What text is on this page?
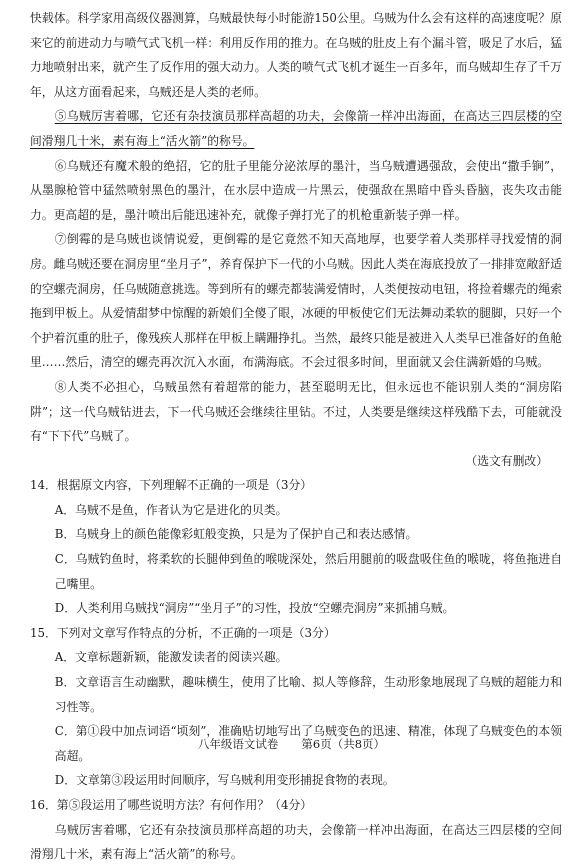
快载体。科学家用高级仪器测算，乌贼最快每小时能游150公里。乌贼为什么会有这样的高速度呢？原来它的前进动力与喷气式飞机一样：利用反作用的推力。在乌贼的肚皮上有个漏斗管，吸足了水后，猛力地喷射出来，就产生了反作用的强大动力。人类的喷气式飞机才诞生一百多年，而乌贼却生存了千万年，从这方面看起来，乌贼还是人类的老师。
⑤乌贼厉害着哪，它还有杂技演员那样高超的功夫，会像箭一样冲出海面，在高达三四层楼的空间滑翔几十米，素有海上“活火箭”的称号。
⑥乌贼还有魔术般的绝招，它的肚子里能分泌浓厚的墨汁，当乌贼遭遇强敌，会使出“撒手锏”，从墨腺枪管中猛然喷射黑色的墨汁，在水层中造成一片黑云，使强敌在黑暗中昏头昏脑，丧失攻击能力。更高超的是，墨汁喷出后能迅速补充，就像子弹打光了的机枪重新装子弹一样。
⑦倒霉的是乌贼也谈情说爱，更倒霉的是它竟然不知天高地厚，也要学着人类那样寻找爱情的洞房。雌乌贼还要在洞房里“坐月子”，养育保护下一代的小乌贼。因此人类在海底投放了一排排宽敞舒适的空螺壳洞房，任乌贼随意挑选。等到所有的螺壳都装满爱情时，人类便按动电钮，将捡着螺壳的绳索拖到甲板上。从爱情甜梦中惊醒的新娘们全傻了眼，冰硬的甲板使它们无法舞动柔软的腿脚，只好一个个护着沉重的肚子，像残疾人那样在甲板上瞒跚挣扎。当然，最终只能是被进入人类早已准备好的鱼舱里……然后，清空的螺壳再次沉入水面，布满海底。不会过很多时间，里面就又会住满新婚的乌贼。
⑧人类不必担心，乌贼虽然有着超常的能力，甚至聪明无比，但永远也不能识别人类的“洞房陷阱”；这一代乌贼钻进去，下一代乌贼还会继续往里钻。不过，人类要是继续这样残酷下去，可能就没有“下下代”乌贼了。
（选文有删改）
14．根据原文内容，下列理解不正确的一项是（3分）
A．乌贼不是鱼，作者认为它是进化的贝类。
B．乌贼身上的颜色能像彩虹般变换，只是为了保护自己和表达感情。
C．乌贼钓鱼时，将柔软的长腿伸到鱼的喉咙深处，然后用腿前的吸盘吸住鱼的喉咙，将鱼拖进自己嘴里。
D．人类利用乌贼找“洞房”“坐月子”的习性，投放“空螺壳洞房”来抓捕乌贼。
15．下列对文章写作特点的分析，不正确的一项是（3分）
A．文章标题新颖，能激发读者的阅读兴趣。
B．文章语言生动幽默，趣味横生，使用了比喻、拟人等修辞，生动形象地展现了乌贼的超能力和习性等。
C．第①段中加点词语“顷刻”，准确贴切地写出了乌贼变色的迅速、精准，体现了乌贼变色的本领高超。
D．文章第③段运用时间顺序，写乌贼利用变形捕捉食物的表现。
16．第⑤段运用了哪些说明方法？有何作用？（4分）
乌贼厉害着哪，它还有杂技演员那样高超的功夫，会像箭一样冲出海面，在高达三四层楼的空间滑翔几十米，素有海上“活火箭”的称号。
八年级语文试卷　　第6页（共8页）
